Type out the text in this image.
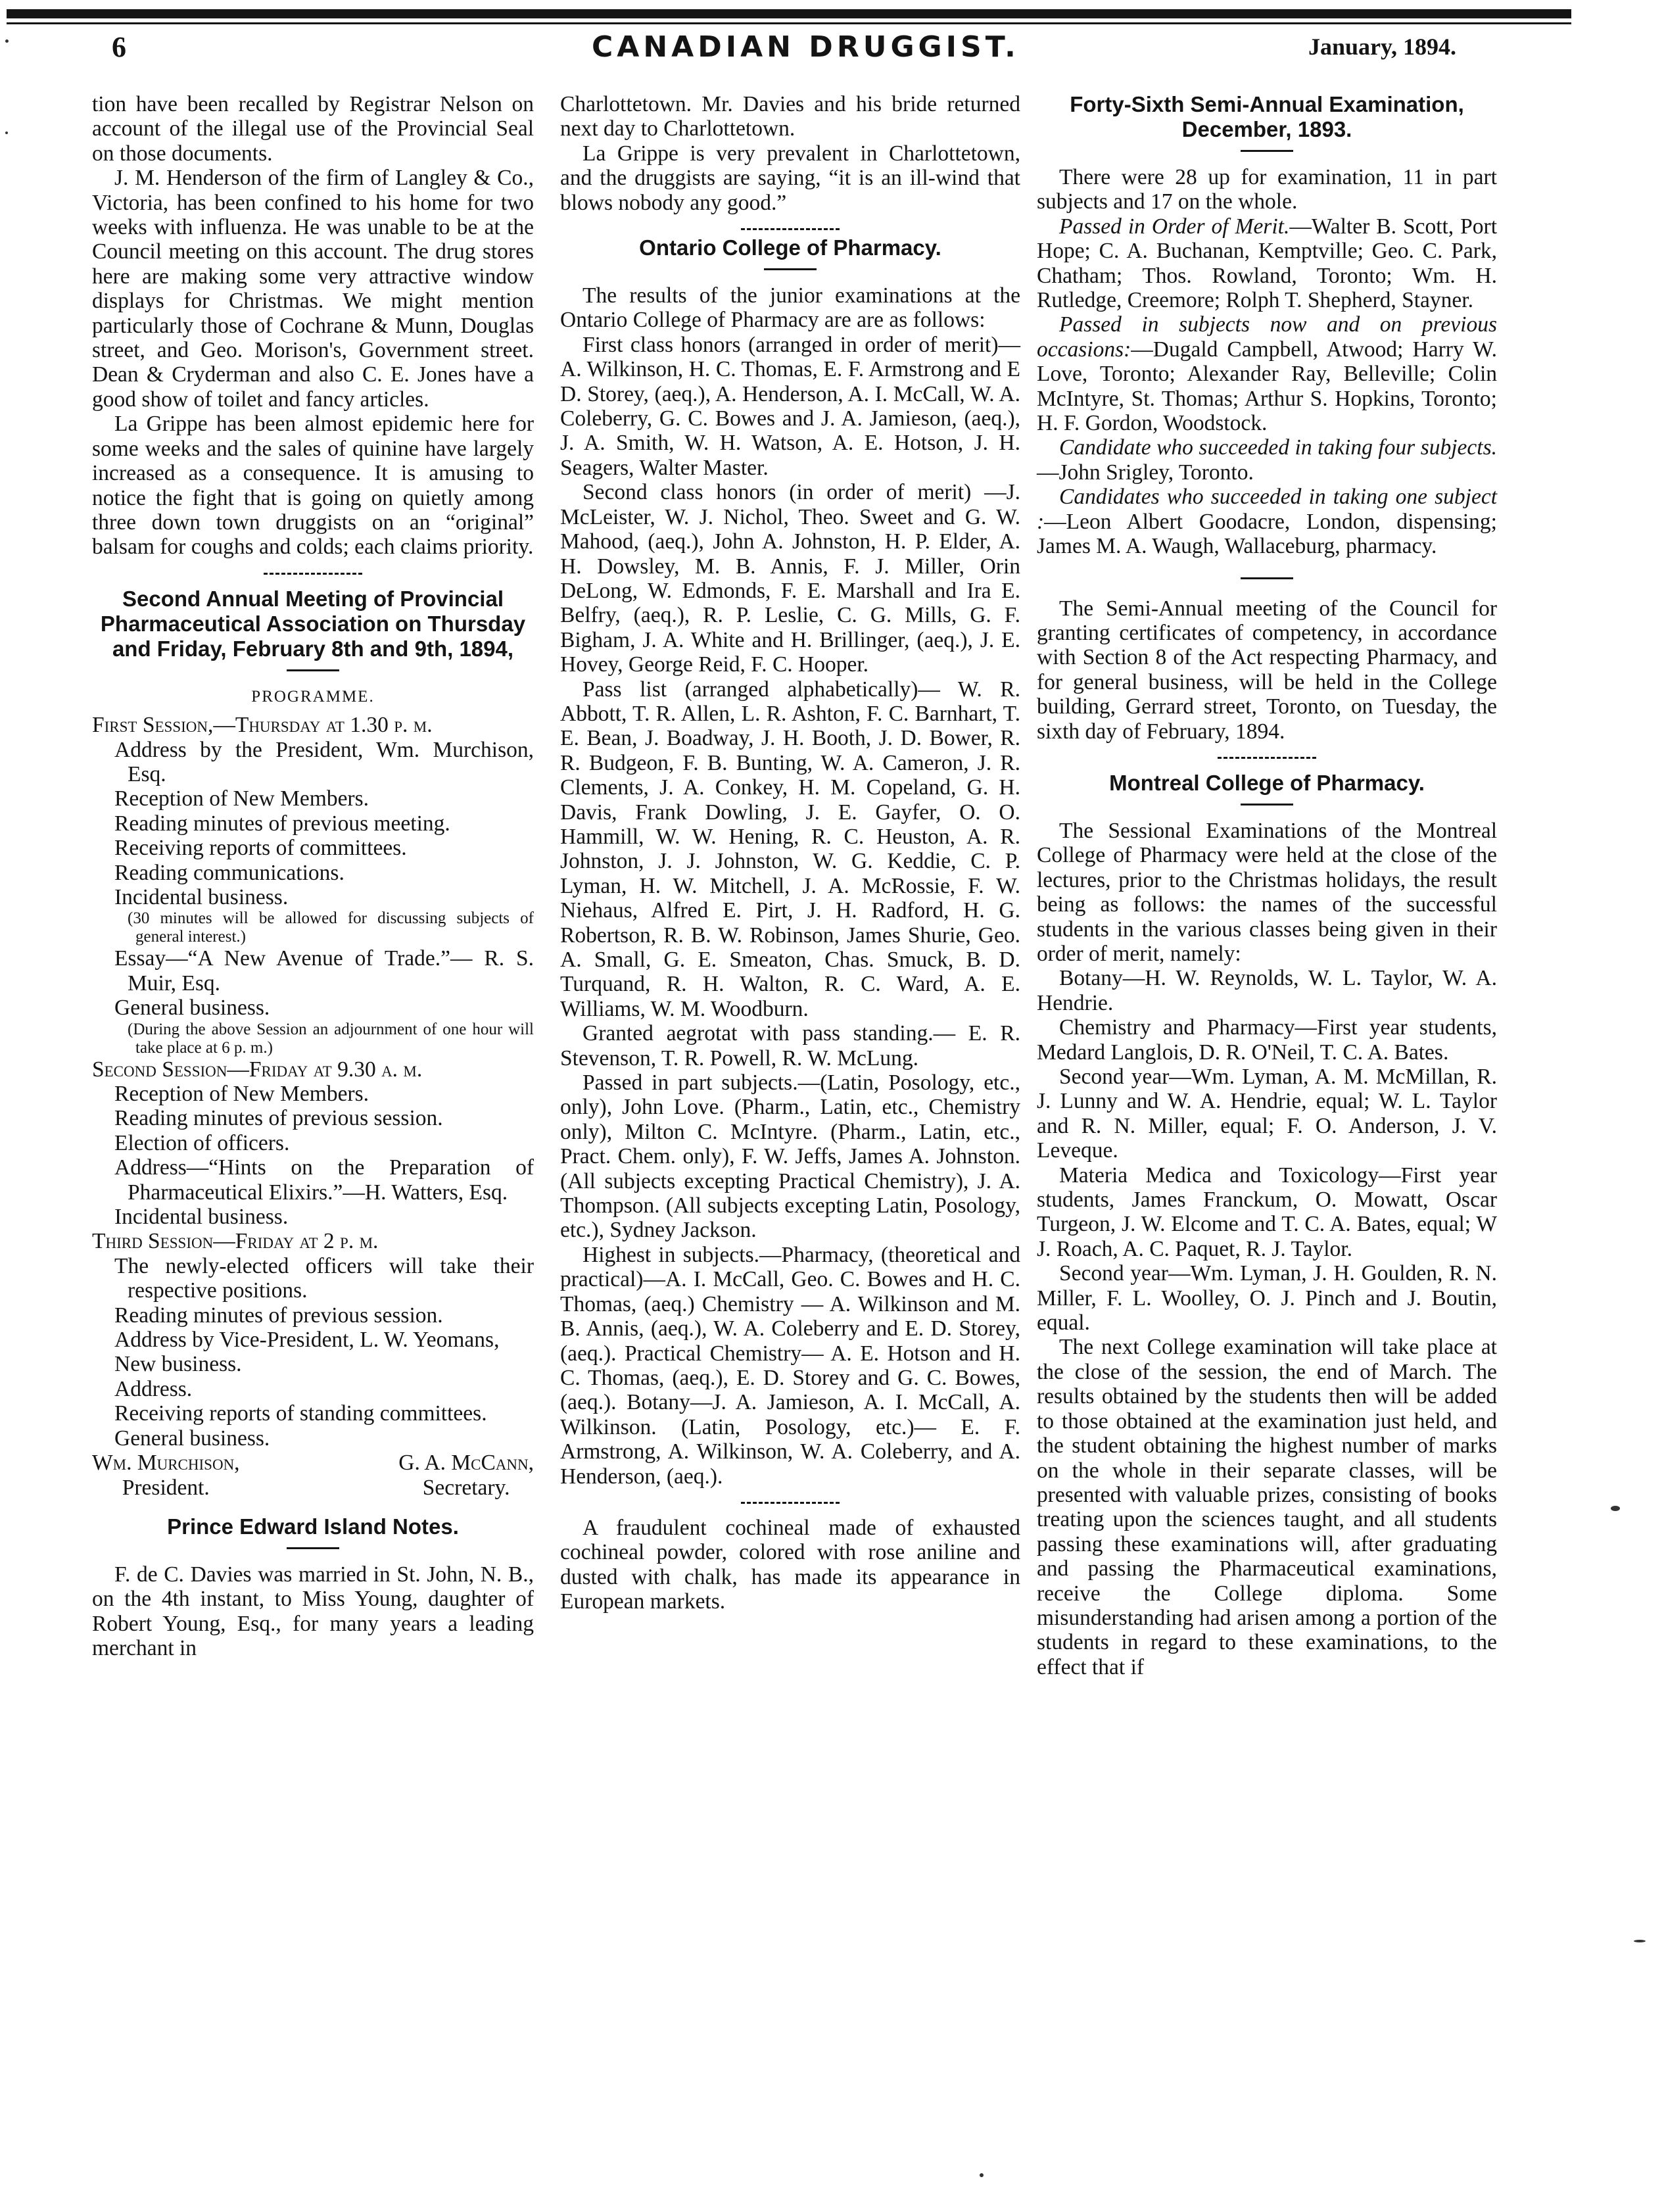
6	CANADIAN DRUGGIST.	January, 1894.

tion have been recalled by Registrar Nelson on account of the illegal use of the Provincial Seal on those documents.

J. M. Henderson of the firm of Langley & Co., Victoria, has been confined to his home for two weeks with influenza. He was unable to be at the Council meeting on this account. The drug stores here are making some very attractive window displays for Christmas. We might mention particularly those of Cochrane & Munn, Douglas street, and Geo. Morison's, Government street. Dean & Cryderman and also C. E. Jones have a good show of toilet and fancy articles.

La Grippe has been almost epidemic here for some weeks and the sales of quinine have largely increased as a consequence. It is amusing to notice the fight that is going on quietly among three down town druggists on an “original” balsam for coughs and colds; each claims priority.

Second Annual Meeting of Provincial Pharmaceutical Association on Thursday and Friday, February 8th and 9th, 1894,
PROGRAMME.

First Session,—Thursday at 1.30 p. m.

Address by the President, Wm. Murchison, Esq.
Reception of New Members.
Reading minutes of previous meeting.
Receiving reports of committees.
Reading communications.
Incidental business.
(30 minutes will be allowed for discussing subjects of general interest.)
Essay—“A New Avenue of Trade.”— R. S. Muir, Esq.
General business.
(During the above Session an adjournment of one hour will take place at 6 p. m.)

Second Session—Friday at 9.30 a. m.

Reception of New Members.
Reading minutes of previous session.
Election of officers.
Address—“Hints on the Preparation of Pharmaceutical Elixirs.”—H. Watters, Esq.
Incidental business.

Third Session—Friday at 2 p. m.

The newly-elected officers will take their respective positions.
Reading minutes of previous session.
Address by Vice-President, L. W. Yeomans,
New business.
Address.
Receiving reports of standing committees.
General business.
Wm. Murchison,
President.
G. A. McCann,
Secretary.
Prince Edward Island Notes.

F. de C. Davies was married in St. John, N. B., on the 4th instant, to Miss Young, daughter of Robert Young, Esq., for many years a leading merchant in

Charlottetown. Mr. Davies and his bride returned next day to Charlottetown.

La Grippe is very prevalent in Charlottetown, and the druggists are saying, “it is an ill-wind that blows nobody any good.”

Ontario College of Pharmacy.

The results of the junior examinations at the Ontario College of Pharmacy are are as follows:

First class honors (arranged in order of merit)—A. Wilkinson, H. C. Thomas, E. F. Armstrong and E D. Storey, (aeq.), A. Henderson, A. I. McCall, W. A. Coleberry, G. C. Bowes and J. A. Jamieson, (aeq.), J. A. Smith, W. H. Watson, A. E. Hotson, J. H. Seagers, Walter Master.

Second class honors (in order of merit) —J. McLeister, W. J. Nichol, Theo. Sweet and G. W. Mahood, (aeq.), John A. Johnston, H. P. Elder, A. H. Dowsley, M. B. Annis, F. J. Miller, Orin DeLong, W. Edmonds, F. E. Marshall and Ira E. Belfry, (aeq.), R. P. Leslie, C. G. Mills, G. F. Bigham, J. A. White and H. Brillinger, (aeq.), J. E. Hovey, George Reid, F. C. Hooper.

Pass list (arranged alphabetically)— W. R. Abbott, T. R. Allen, L. R. Ashton, F. C. Barnhart, T. E. Bean, J. Boadway, J. H. Booth, J. D. Bower, R. R. Budgeon, F. B. Bunting, W. A. Cameron, J. R. Clements, J. A. Conkey, H. M. Copeland, G. H. Davis, Frank Dowling, J. E. Gayfer, O. O. Hammill, W. W. Hening, R. C. Heuston, A. R. Johnston, J. J. Johnston, W. G. Keddie, C. P. Lyman, H. W. Mitchell, J. A. McRossie, F. W. Niehaus, Alfred E. Pirt, J. H. Radford, H. G. Robertson, R. B. W. Robinson, James Shurie, Geo. A. Small, G. E. Smeaton, Chas. Smuck, B. D. Turquand, R. H. Walton, R. C. Ward, A. E. Williams, W. M. Woodburn.

Granted aegrotat with pass standing.— E. R. Stevenson, T. R. Powell, R. W. McLung.

Passed in part subjects.—(Latin, Posology, etc., only), John Love. (Pharm., Latin, etc., Chemistry only), Milton C. McIntyre. (Pharm., Latin, etc., Pract. Chem. only), F. W. Jeffs, James A. Johnston. (All subjects excepting Practical Chemistry), J. A. Thompson. (All subjects excepting Latin, Posology, etc.), Sydney Jackson.

Highest in subjects.—Pharmacy, (theoretical and practical)—A. I. McCall, Geo. C. Bowes and H. C. Thomas, (aeq.) Chemistry — A. Wilkinson and M. B. Annis, (aeq.), W. A. Coleberry and E. D. Storey, (aeq.). Practical Chemistry— A. E. Hotson and H. C. Thomas, (aeq.), E. D. Storey and G. C. Bowes, (aeq.). Botany—J. A. Jamieson, A. I. McCall, A. Wilkinson. (Latin, Posology, etc.)— E. F. Armstrong, A. Wilkinson, W. A. Coleberry, and A. Henderson, (aeq.).

A fraudulent cochineal made of exhausted cochineal powder, colored with rose aniline and dusted with chalk, has made its appearance in European markets.

Forty-Sixth Semi-Annual Examination, December, 1893.

There were 28 up for examination, 11 in part subjects and 17 on the whole.

Passed in Order of Merit.—Walter B. Scott, Port Hope; C. A. Buchanan, Kemptville; Geo. C. Park, Chatham; Thos. Rowland, Toronto; Wm. H. Rutledge, Creemore; Rolph T. Shepherd, Stayner.

Passed in subjects now and on previous occasions:—Dugald Campbell, Atwood; Harry W. Love, Toronto; Alexander Ray, Belleville; Colin McIntyre, St. Thomas; Arthur S. Hopkins, Toronto; H. F. Gordon, Woodstock.

Candidate who succeeded in taking four subjects.—John Srigley, Toronto.

Candidates who succeeded in taking one subject :—Leon Albert Goodacre, London, dispensing; James M. A. Waugh, Wallaceburg, pharmacy.

The Semi-Annual meeting of the Council for granting certificates of competency, in accordance with Section 8 of the Act respecting Pharmacy, and for general business, will be held in the College building, Gerrard street, Toronto, on Tuesday, the sixth day of February, 1894.

Montreal College of Pharmacy.

The Sessional Examinations of the Montreal College of Pharmacy were held at the close of the lectures, prior to the Christmas holidays, the result being as follows: the names of the successful students in the various classes being given in their order of merit, namely:

Botany—H. W. Reynolds, W. L. Taylor, W. A. Hendrie.

Chemistry and Pharmacy—First year students, Medard Langlois, D. R. O'Neil, T. C. A. Bates.

Second year—Wm. Lyman, A. M. McMillan, R. J. Lunny and W. A. Hendrie, equal; W. L. Taylor and R. N. Miller, equal; F. O. Anderson, J. V. Leveque.

Materia Medica and Toxicology—First year students, James Franckum, O. Mowatt, Oscar Turgeon, J. W. Elcome and T. C. A. Bates, equal; W J. Roach, A. C. Paquet, R. J. Taylor.

Second year—Wm. Lyman, J. H. Goulden, R. N. Miller, F. L. Woolley, O. J. Pinch and J. Boutin, equal.

The next College examination will take place at the close of the session, the end of March. The results obtained by the students then will be added to those obtained at the examination just held, and the student obtaining the highest number of marks on the whole in their separate classes, will be presented with valuable prizes, consisting of books treating upon the sciences taught, and all students passing these examinations will, after graduating and passing the Pharmaceutical examinations, receive the College diploma. Some misunderstanding had arisen among a portion of the students in regard to these examinations, to the effect that if
